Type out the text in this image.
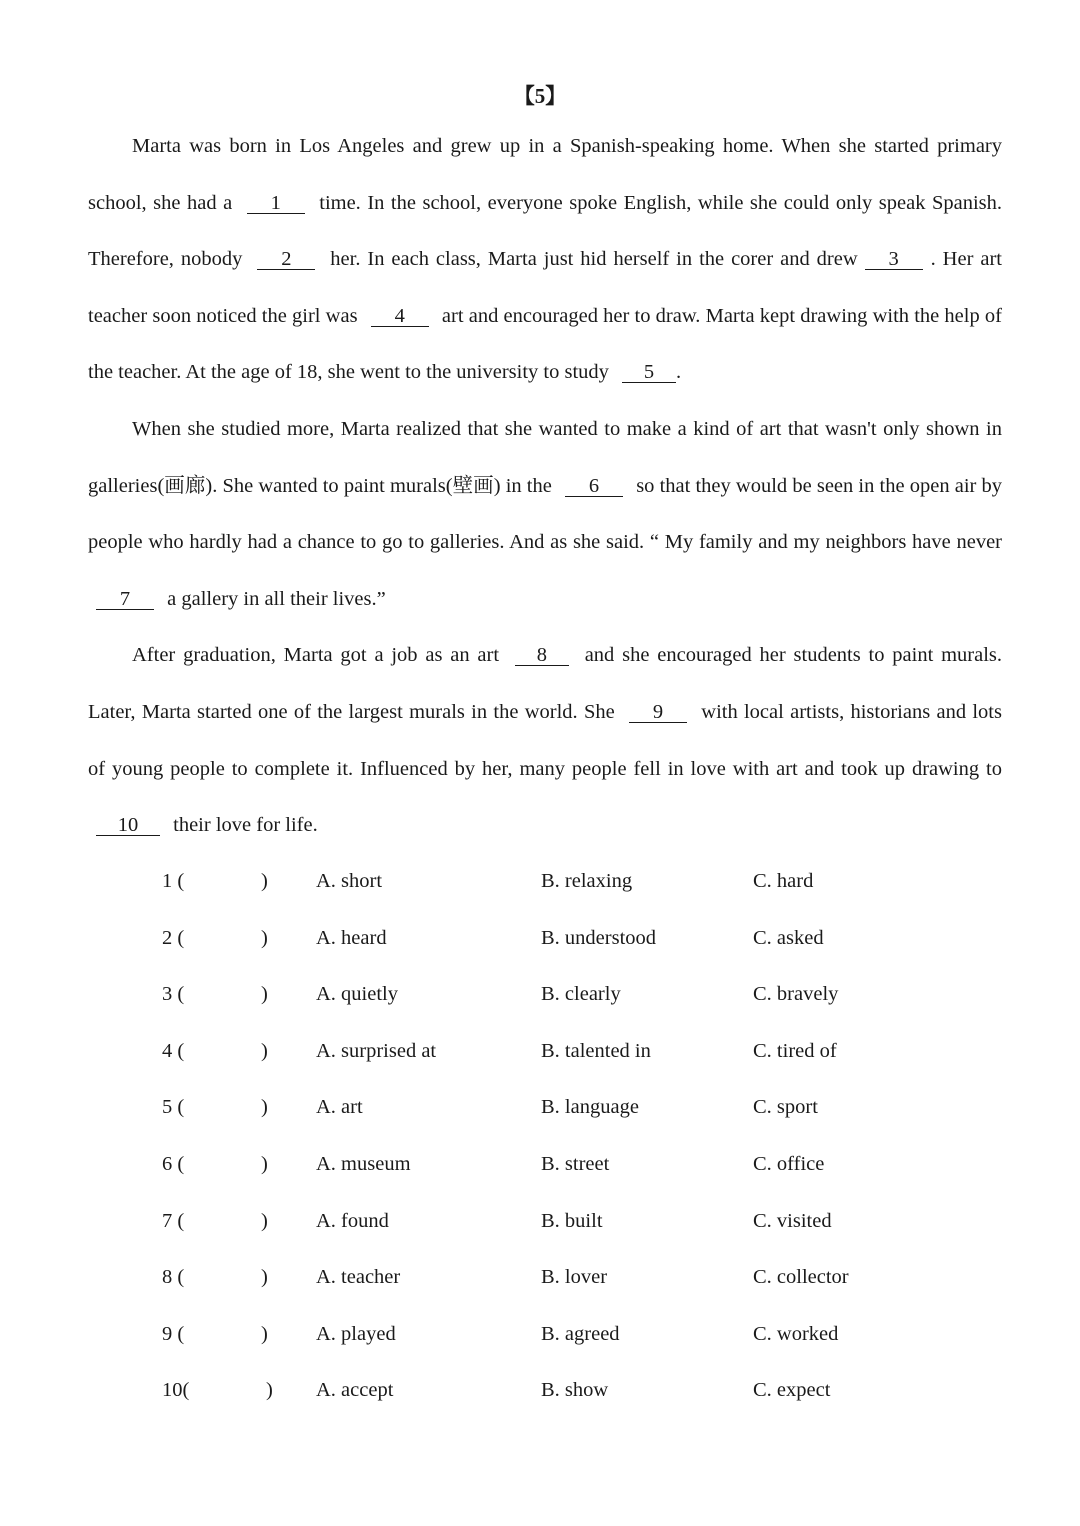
【5】

Marta was born in Los Angeles and grew up in a Spanish-speaking home. When she started primary school, she had a 1 time. In the school, everyone spoke English, while she could only speak Spanish. Therefore, nobody 2 her. In each class, Marta just hid herself in the corer and drew 3 . Her art teacher soon noticed the girl was 4 art and encouraged her to draw. Marta kept drawing with the help of the teacher. At the age of 18, she went to the university to study 5 .

When she studied more, Marta realized that she wanted to make a kind of art that wasn't only shown in galleries(画廊). She wanted to paint murals(壁画) in the 6 so that they would be seen in the open air by people who hardly had a chance to go to galleries. And as she said. “ My family and my neighbors have never 7 a gallery in all their lives.”

After graduation, Marta got a job as an art 8 and she encouraged her students to paint murals. Later, Marta started one of the largest murals in the world. She 9 with local artists, historians and lots of young people to complete it. Influenced by her, many people fell in love with art and took up drawing to 10 their love for life.

1 (	) A. short	B. relaxing	C. hard
2 (	) A. heard	B. understood	C. asked
3 (	) A. quietly	B. clearly	C. bravely
4 (	) A. surprised at	B. talented in	C. tired of
5 (	) A. art	B. language	C. sport
6 (	) A. museum	B. street	C. office
7 (	) A. found	B. built	C. visited
8 (	) A. teacher	B. lover	C. collector
9 (	) A. played	B. agreed	C. worked
10(	) A. accept	B. show	C. expect
